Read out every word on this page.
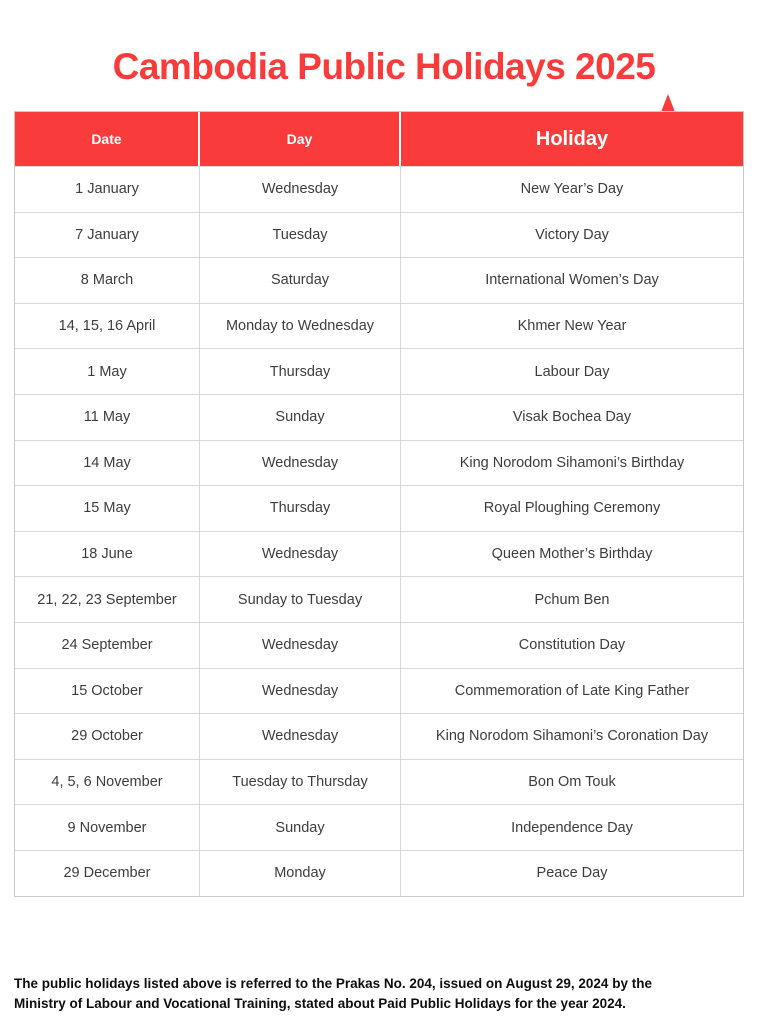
Cambodia Public Holidays 2025
Date	Day	Holiday
1 January	Wednesday	New Year’s Day
7 January	Tuesday	Victory Day
8 March	Saturday	International Women’s Day
14, 15, 16 April	Monday to Wednesday	Khmer New Year
1 May	Thursday	Labour Day
11 May	Sunday	Visak Bochea Day
14 May	Wednesday	King Norodom Sihamoni’s Birthday
15 May	Thursday	Royal Ploughing Ceremony
18 June	Wednesday	Queen Mother’s Birthday
21, 22, 23 September	Sunday to Tuesday	Pchum Ben
24 September	Wednesday	Constitution Day
15 October	Wednesday	Commemoration of Late King Father
29 October	Wednesday	King Norodom Sihamoni’s Coronation Day
4, 5, 6 November	Tuesday to Thursday	Bon Om Touk
9 November	Sunday	Independence Day
29 December	Monday	Peace Day

The public holidays listed above is referred to the Prakas No. 204, issued on August 29, 2024 by the
Ministry of Labour and Vocational Training, stated about Paid Public Holidays for the year 2024.
